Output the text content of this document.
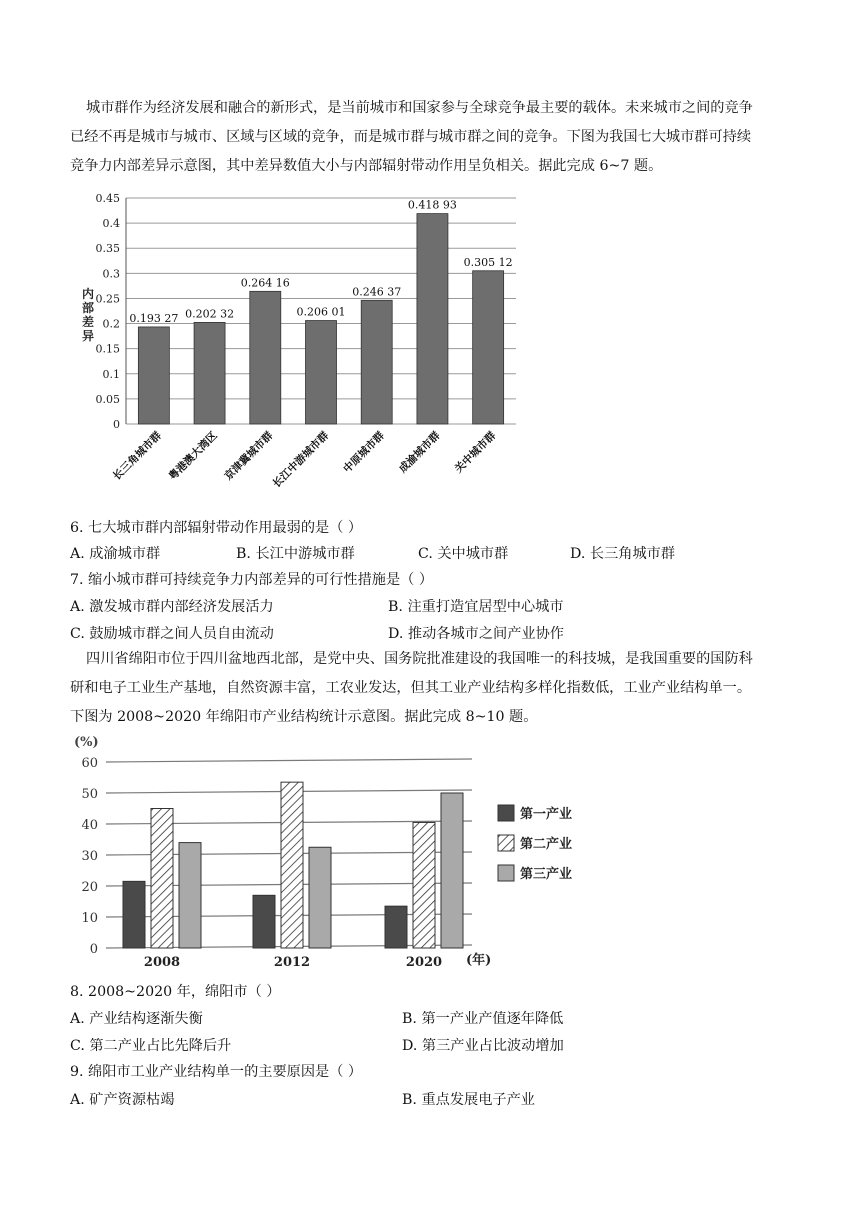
城市群作为经济发展和融合的新形式，是当前城市和国家参与全球竞争最主要的载体。未来城市之间的竞争
已经不再是城市与城市、区域与区域的竞争，而是城市群与城市群之间的竞争。下图为我国七大城市群可持续
竞争力内部差异示意图，其中差异数值大小与内部辐射带动作用呈负相关。据此完成 6~7 题。
0
0.05
0.1
0.15
0.2
0.25
0.3
0.35
0.4
0.45
内部差异
0.193 27
长三角城市群
0.202 32
粤港澳大湾区
0.264 16
京津冀城市群
0.206 01
长江中游城市群
0.246 37
中原城市群
0.418 93
成渝城市群
0.305 12
关中城市群
6. 七大城市群内部辐射带动作用最弱的是（ ）
A. 成渝城市群	B. 长江中游城市群	C. 关中城市群	D. 长三角城市群
7. 缩小城市群可持续竞争力内部差异的可行性措施是（ ）
A. 激发城市群内部经济发展活力	B. 注重打造宜居型中心城市
C. 鼓励城市群之间人员自由流动	D. 推动各城市之间产业协作
四川省绵阳市位于四川盆地西北部，是党中央、国务院批准建设的我国唯一的科技城，是我国重要的国防科
研和电子工业生产基地，自然资源丰富，工农业发达，但其工业产业结构多样化指数低，工业产业结构单一。
下图为 2008~2020 年绵阳市产业结构统计示意图。据此完成 8~10 题。
(%)
0
10
20
30
40
50
60
2008	2012	2020 (年)
第一产业
第二产业
第三产业
8. 2008~2020 年，绵阳市（ ）
A. 产业结构逐渐失衡	B. 第一产业产值逐年降低
C. 第二产业占比先降后升	D. 第三产业占比波动增加
9. 绵阳市工业产业结构单一的主要原因是（ ）
A. 矿产资源枯竭	B. 重点发展电子产业
